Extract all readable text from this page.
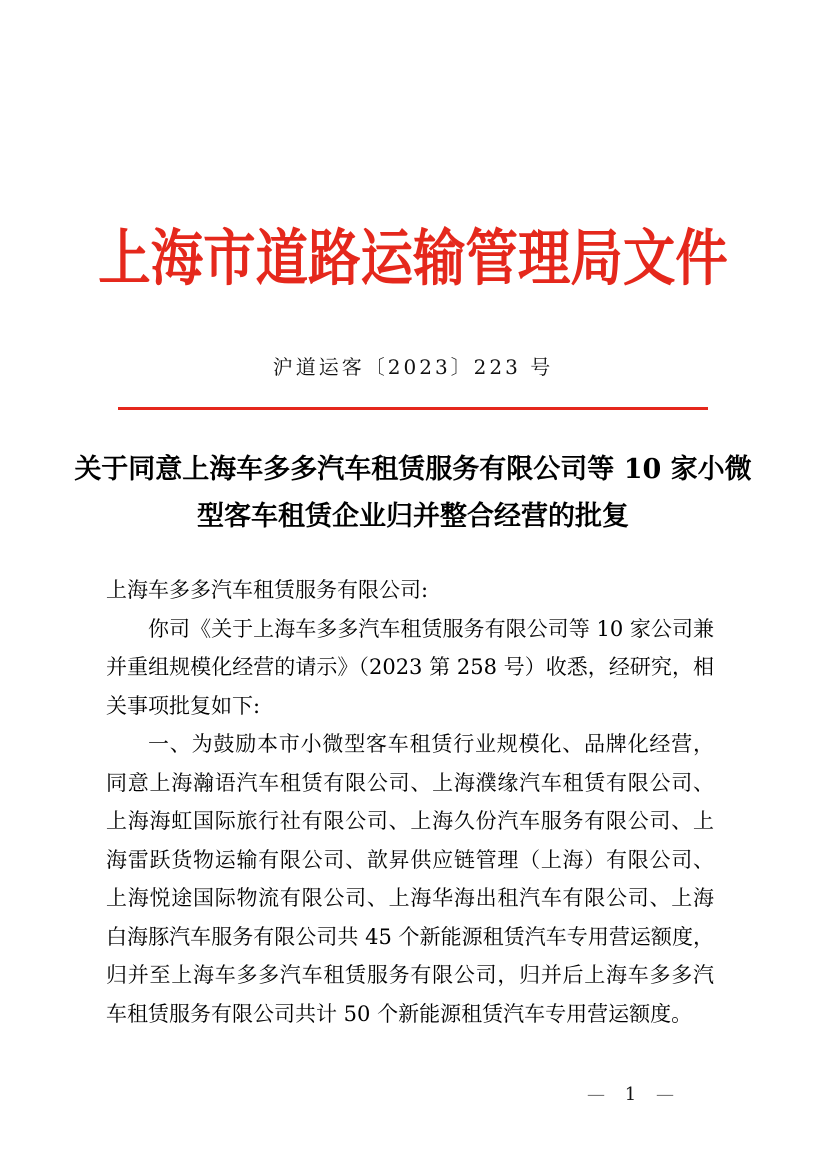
上海市道路运输管理局文件
沪道运客〔2023〕223 号
关于同意上海车多多汽车租赁服务有限公司等 10 家小微
型客车租赁企业归并整合经营的批复

上海车多多汽车租赁服务有限公司:

你司《关于上海车多多汽车租赁服务有限公司等 10 家公司兼并重组规模化经营的请示》（2023 第 258 号）收悉，经研究，相关事项批复如下:

一、为鼓励本市小微型客车租赁行业规模化、品牌化经营，同意上海瀚语汽车租赁有限公司、上海濮缘汽车租赁有限公司、上海海虹国际旅行社有限公司、上海久份汽车服务有限公司、上海雷跃货物运输有限公司、歆昇供应链管理（上海）有限公司、上海悦途国际物流有限公司、上海华海出租汽车有限公司、上海白海豚汽车服务有限公司共 45 个新能源租赁汽车专用营运额度，归并至上海车多多汽车租赁服务有限公司，归并后上海车多多汽车租赁服务有限公司共计 50 个新能源租赁汽车专用营运额度。

— 1 —
